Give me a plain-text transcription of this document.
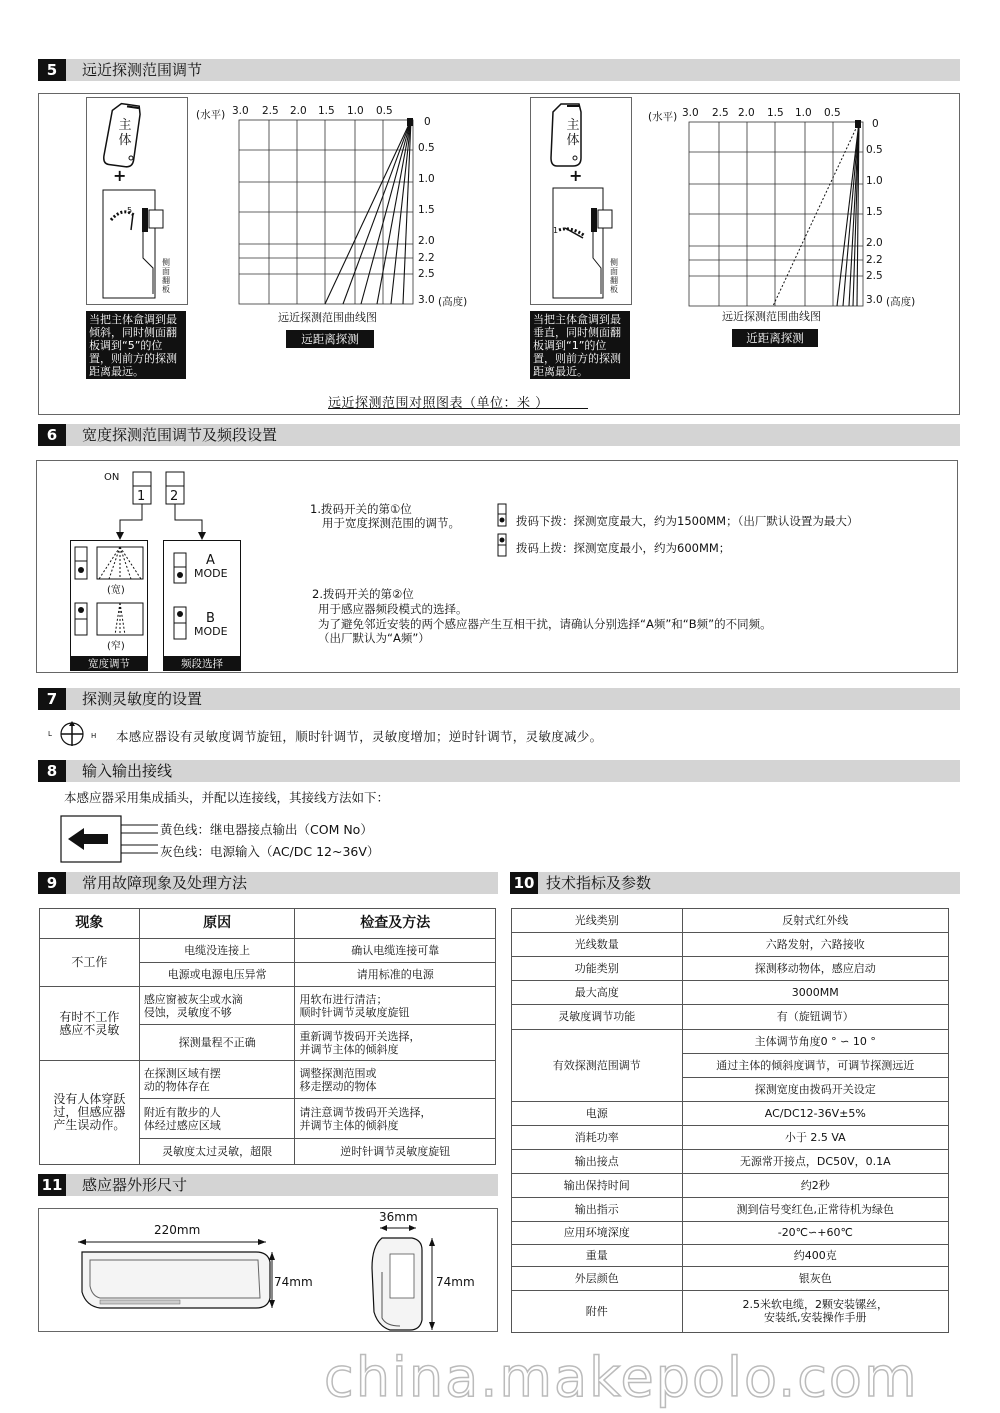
5	远近探测范围调节
主
体
+
5
侧
面
翻
板
当把主体盒调到最倾斜，同时侧面翻板调到“5”的位置，则前方的探测距离最远。
(水平) 3.0 2.5 2.0 1.5 1.0 0.5
0
0.5
1.0
1.5
2.0
2.2
2.5
3.0 (高度)
远近探测范围曲线图
远距离探测
主
体
+
1
侧
面
翻
板
当把主体盒调到最垂直，同时侧面翻板调到“1”的位置，则前方的探测距离最近。
(水平) 3.0 2.5 2.0 1.5 1.0 0.5
0
0.5
1.0
1.5
2.0
2.2
2.5
3.0 (高度)
远近探测范围曲线图
近距离探测
远近探测范围对照图表（单位：米 ）
6	宽度探测范围调节及频段设置
ON
1 2
(宽)
(窄)
宽度调节
A
MODE
B
MODE
频段选择
1.拨码开关的第①位
用于宽度探测范围的调节。	拨码下拨：探测宽度最大，约为1500MM；（出厂默认设置为最大）
拨码上拨：探测宽度最小，约为600MM；
2.拨码开关的第②位
用于感应器频段模式的选择。
为了避免邻近安装的两个感应器产生互相干扰，请确认分别选择“A频”和“B频”的不同频。
（出厂默认为“A频”）
7	探测灵敏度的设置
L	H 本感应器设有灵敏度调节旋钮，顺时针调节，灵敏度增加；逆时针调节，灵敏度减少。
8	输入输出接线
本感应器采用集成插头，并配以连接线，其接线方法如下：
黄色线：继电器接点输出（COM No）
灰色线：电源输入（AC/DC 12~36V）
9	常用故障现象及处理方法
现象	原因	检查及方法
不工作	电缆没连接上	确认电缆连接可靠
	电源或电源电压异常	请用标准的电源
有时不工作
感应不灵敏	感应窗被灰尘或水滴
侵蚀，灵敏度不够	用软布进行清洁；
顺时针调节灵敏度旋钮
	探测量程不正确	重新调节拨码开关选择，
并调节主体的倾斜度
没有人体穿跃
过，但感应器
产生误动作。	在探测区域有摆
动的物体存在	调整探测范围或
移走摆动的物体
	附近有散步的人
体经过感应区域	请注意调节拨码开关选择，
并调节主体的倾斜度
	灵敏度太过灵敏，超限	逆时针调节灵敏度旋钮
10 技术指标及参数
光线类别	反射式红外线
光线数量	六路发射，六路接收
功能类别	探测移动物体，感应启动
最大高度	3000MM
灵敏度调节功能	有（旋钮调节）
有效探测范围调节	主体调节角度0 ° ∽ 10 °
	通过主体的倾斜度调节，可调节探测远近
	探测宽度由拨码开关设定
电源	AC/DC12-36V±5%
消耗功率	小于 2.5 VA
输出接点	无源常开接点，DC50V，0.1A
输出保持时间	约2秒
输出指示	测到信号变红色,正常待机为绿色
应用环境深度	-20℃∽+60℃
重量	约400克
外层颜色	银灰色
附件	2.5米软电缆，2颗安装镙丝，
安装纸,安装操作手册
11 感应器外形尺寸
220mm
74mm
36mm
74mm
china.makepolo.com
